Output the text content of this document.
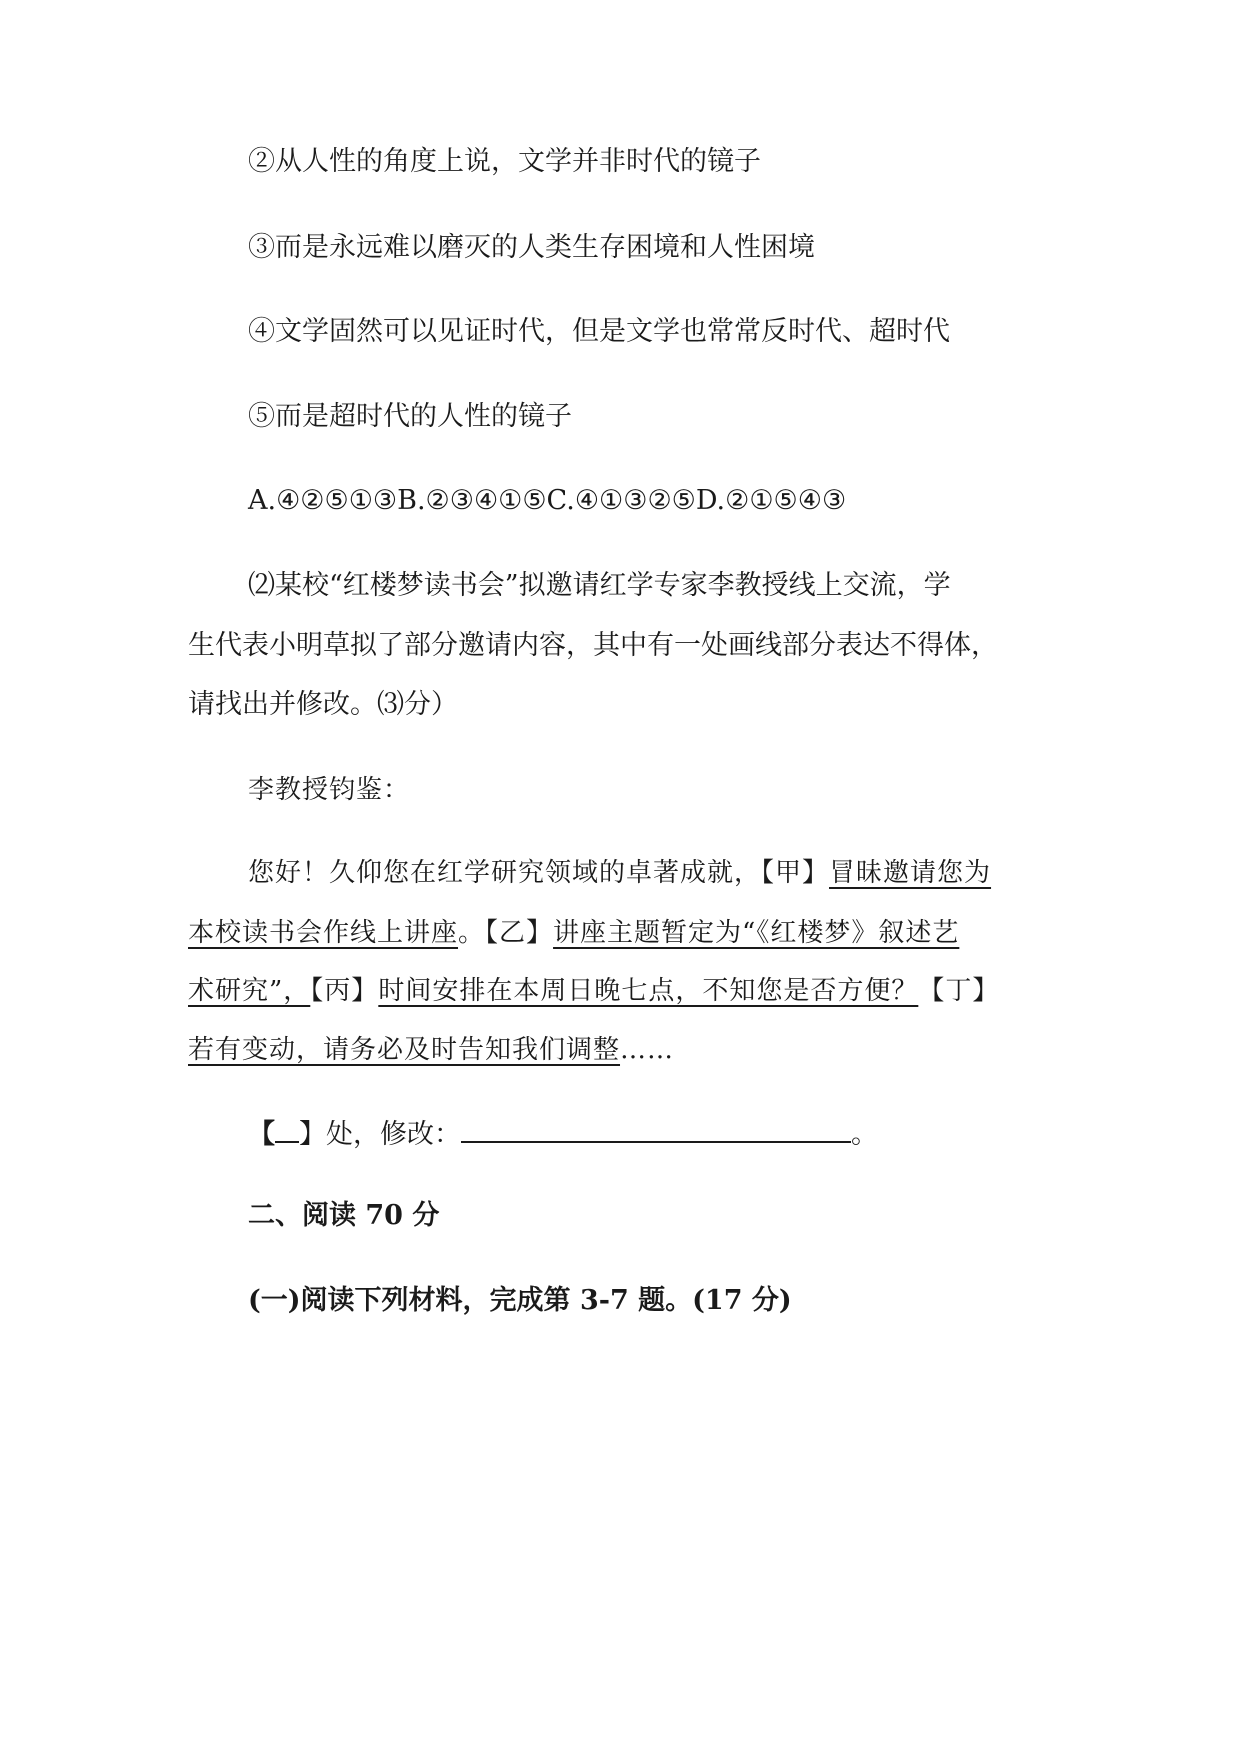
②从人性的角度上说，文学并非时代的镜子
③而是永远难以磨灭的人类生存困境和人性困境
④文学固然可以见证时代，但是文学也常常反时代、超时代
⑤而是超时代的人性的镜子
A.④②⑤①③B.②③④①⑤C.④①③②⑤D.②①⑤④③
⑵某校“红楼梦读书会”拟邀请红学专家李教授线上交流，学
生代表小明草拟了部分邀请内容，其中有一处画线部分表达不得体，
请找出并修改。⑶分）
李教授钧鉴：
您好！久仰您在红学研究领域的卓著成就，【甲】冒昧邀请您为
本校读书会作线上讲座。【乙】讲座主题暂定为“《红楼梦》叙述艺
术研究”，【丙】时间安排在本周日晚七点，不知您是否方便？【丁】
若有变动，请务必及时告知我们调整……
【 】处，修改：	。
二、阅读 70 分
(一)阅读下列材料，完成第 3-7 题。(17 分)
